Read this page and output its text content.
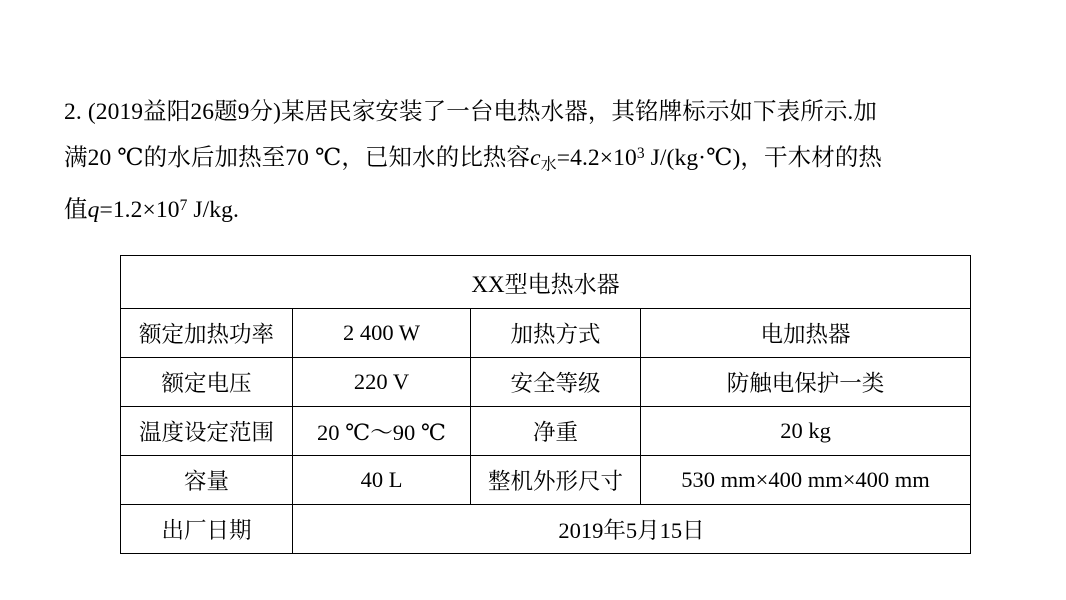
2. (2019益阳26题9分)某居民家安装了一台电热水器，其铭牌标示如下表所示.加
满20 ℃的水后加热至70 ℃，已知水的比热容$c_水=4.2\times 10^3$ J/(kg·℃)，干木材的热
值$q=1.2\times 10^7$ J/kg.
XX型电热水器			
额定加热功率	2 400 W	加热方式	电加热器
额定电压	220 V	安全等级	防触电保护一类
温度设定范围	20 ℃～90 ℃	净重	20 kg
容量	40 L	整机外形尺寸	530 mm×400 mm×400 mm
出厂日期	2019年5月15日		
